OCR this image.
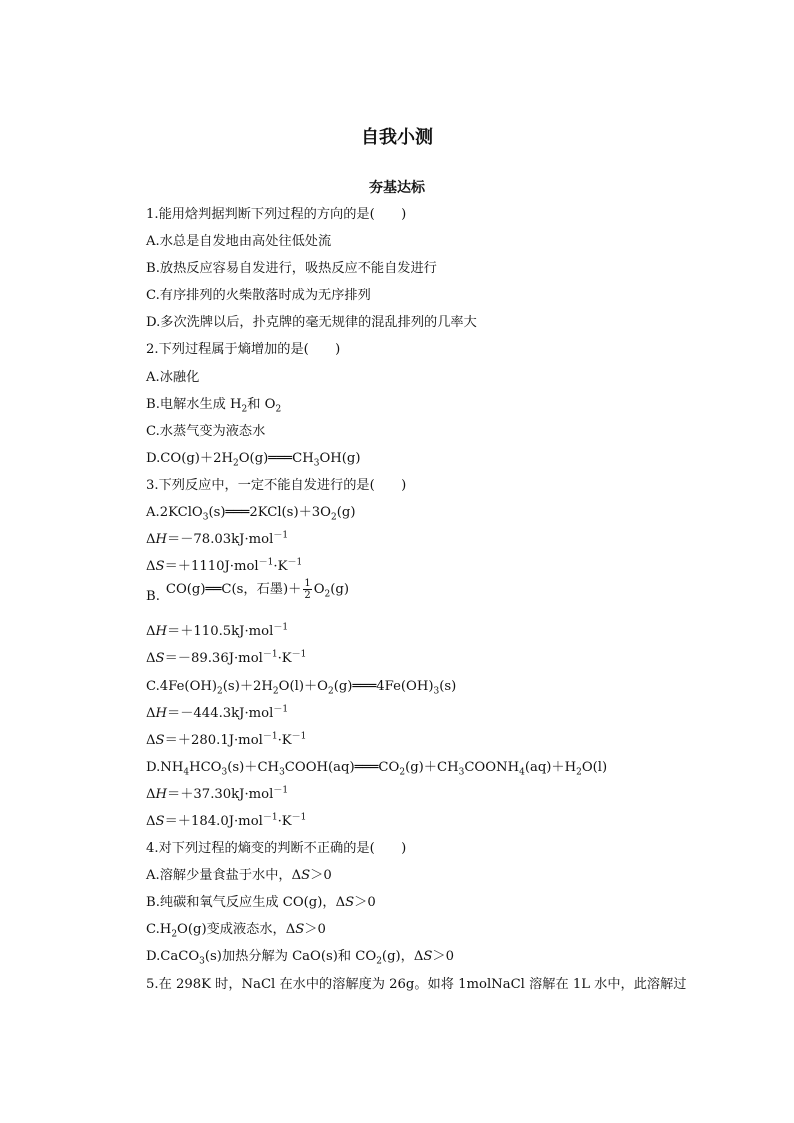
自我小测
夯基达标
1.能用焓判据判断下列过程的方向的是(　　)
A.水总是自发地由高处往低处流
B.放热反应容易自发进行，吸热反应不能自发进行
C.有序排列的火柴散落时成为无序排列
D.多次洗牌以后，扑克牌的毫无规律的混乱排列的几率大
2.下列过程属于熵增加的是(　　)
A.冰融化
B.电解水生成 $H_2$和 $O_2$
C.水蒸气变为液态水
$D.CO(g)+2H_2O(g)═══CH_3OH(g)$
3.下列反应中，一定不能自发进行的是(　　)
$A.2KClO_3(s)═══2KCl(s)+3O_2(g)$
ΔH＝－78.03kJ·mol$^{-1}$
$\Delta S=+1110J\cdot mol^{-1}\cdot K^{-1}$
B. CO(g)══C(s，石墨)＋ $\frac{1}{2} O_2(g)$
ΔH＝＋110.5kJ·mol$^{-1}$
$\Delta S=-89.36J\cdot mol^{-1}\cdot K^{-1}$
$C.4Fe(OH)_2(s)+2H_2O(l)+O_2(g)═══4Fe(OH)_3(s)$
ΔH＝－444.3kJ·mol$^{-1}$
$\Delta S=+280.1J\cdot mol^{-1}\cdot K^{-1}$
$D.NH_4HCO_3(s)+CH_3COOH(aq)═══CO_2(g)+CH_3COONH_4(aq)+H_2O(l)$
ΔH＝＋37.30kJ·mol$^{-1}$
$\Delta S=+184.0J\cdot mol^{-1}\cdot K^{-1}$
4.对下列过程的熵变的判断不正确的是(　　)
A.溶解少量食盐于水中，ΔS＞0
B.纯碳和氧气反应生成 CO(g)，ΔS＞0
$C.H_2O(g)$变成液态水，ΔS＞0
D.CaCO$_3$(s)加热分解为 CaO(s)和 $CO_2(g)$，ΔS＞0
5.在 298K 时，NaCl 在水中的溶解度为 26g。如将 1molNaCl 溶解在 1L 水中，此溶解过
